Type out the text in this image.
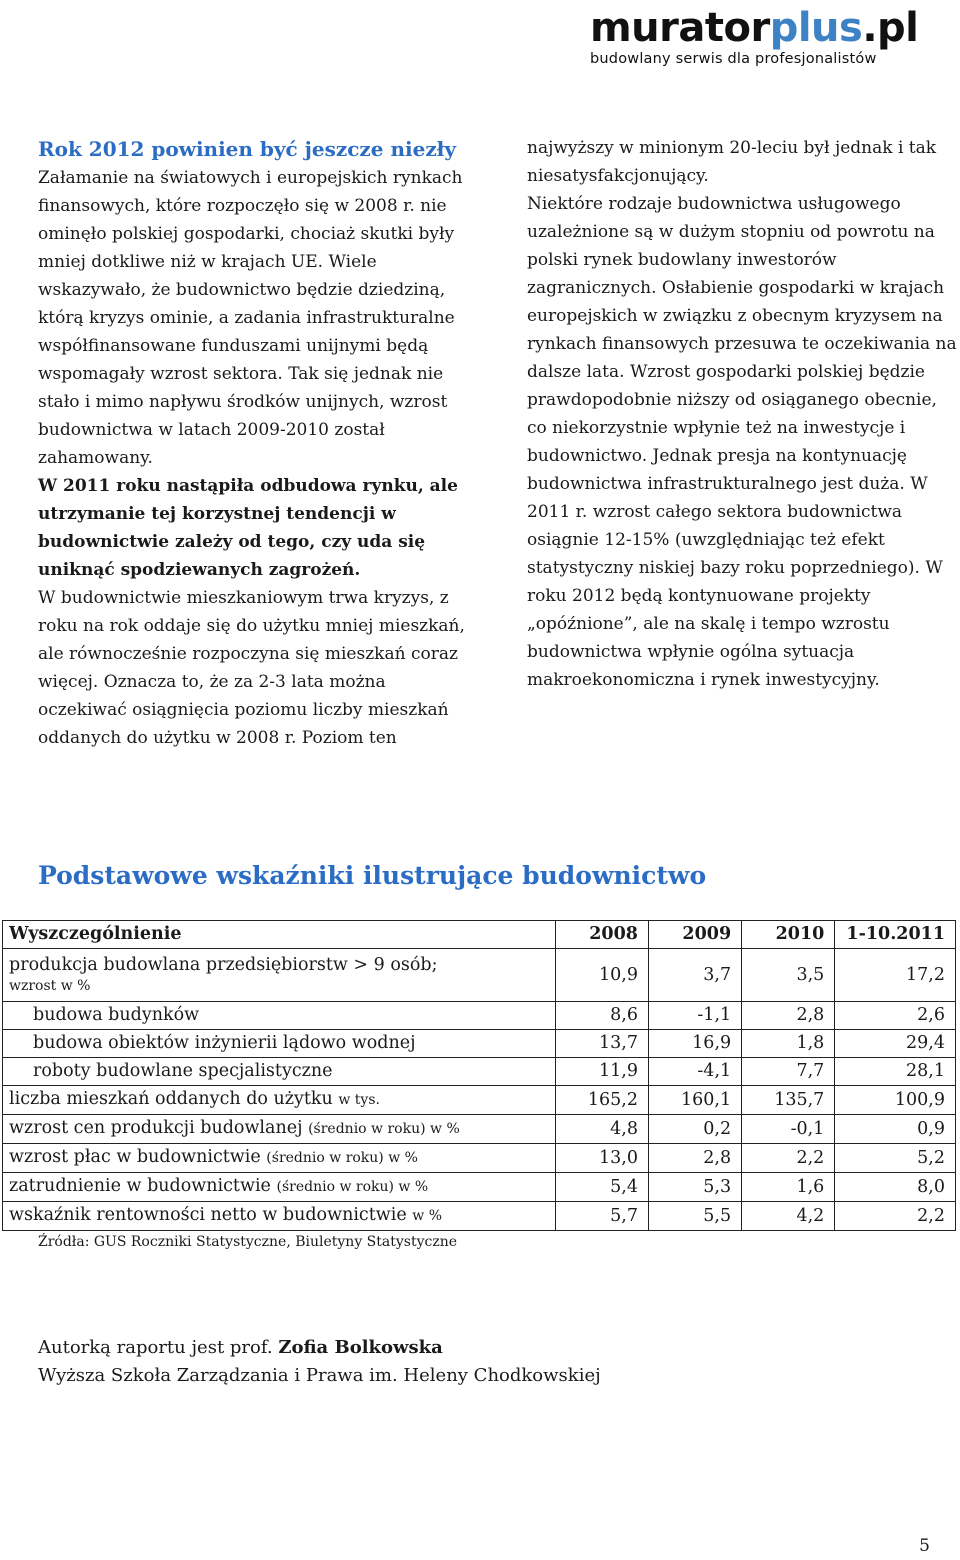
muratorplus.pl
budowlany serwis dla profesjonalistów

Rok 2012 powinien być jeszcze niezły

Załamanie na światowych i europejskich rynkach finansowych, które rozpoczęło się w 2008 r. nie ominęło polskiej gospodarki, chociaż skutki były mniej dotkliwe niż w krajach UE. Wiele wskazywało, że budownictwo będzie dziedziną, którą kryzys ominie, a zadania infrastrukturalne współfinansowane funduszami unijnymi będą wspomagały wzrost sektora. Tak się jednak nie stało i mimo napływu środków unijnych, wzrost budownictwa w latach 2009-2010 został zahamowany.

W 2011 roku nastąpiła odbudowa rynku, ale utrzymanie tej korzystnej tendencji w budownictwie zależy od tego, czy uda się uniknąć spodziewanych zagrożeń.

W budownictwie mieszkaniowym trwa kryzys, z roku na rok oddaje się do użytku mniej mieszkań, ale równocześnie rozpoczyna się mieszkań coraz więcej. Oznacza to, że za 2-3 lata można oczekiwać osiągnięcia poziomu liczby mieszkań oddanych do użytku w 2008 r. Poziom ten

najwyższy w minionym 20-leciu był jednak i tak niesatysfakcjonujący.

Niektóre rodzaje budownictwa usługowego uzależnione są w dużym stopniu od powrotu na polski rynek budowlany inwestorów zagranicznych. Osłabienie gospodarki w krajach europejskich w związku z obecnym kryzysem na rynkach finansowych przesuwa te oczekiwania na dalsze lata. Wzrost gospodarki polskiej będzie prawdopodobnie niższy od osiąganego obecnie, co niekorzystnie wpłynie też na inwestycje i budownictwo. Jednak presja na kontynuację budownictwa infrastrukturalnego jest duża. W 2011 r. wzrost całego sektora budownictwa osiągnie 12-15% (uwzględniając też efekt statystyczny niskiej bazy roku poprzedniego). W roku 2012 będą kontynuowane projekty „opóźnione”, ale na skalę i tempo wzrostu budownictwa wpłynie ogólna sytuacja makroekonomiczna i rynek inwestycyjny.

Podstawowe wskaźniki ilustrujące budownictwo
Wyszczególnienie	2008	2009	2010	1-10.2011
produkcja budowlana przedsiębiorstw > 9 osób;
wzrost w %	10,9	3,7	3,5	17,2
budowa budynków	8,6	-1,1	2,8	2,6
budowa obiektów inżynierii lądowo wodnej	13,7	16,9	1,8	29,4
roboty budowlane specjalistyczne	11,9	-4,1	7,7	28,1
liczba mieszkań oddanych do użytku w tys.	165,2	160,1	135,7	100,9
wzrost cen produkcji budowlanej (średnio w roku) w %	4,8	0,2	-0,1	0,9
wzrost płac w budownictwie (średnio w roku) w %	13,0	2,8	2,2	5,2
zatrudnienie w budownictwie (średnio w roku) w %	5,4	5,3	1,6	8,0
wskaźnik rentowności netto w budownictwie w %	5,7	5,5	4,2	2,2
Źródła: GUS Roczniki Statystyczne, Biuletyny Statystyczne
Autorką raportu jest prof. Zofia Bolkowska
Wyższa Szkoła Zarządzania i Prawa im. Heleny Chodkowskiej
5
